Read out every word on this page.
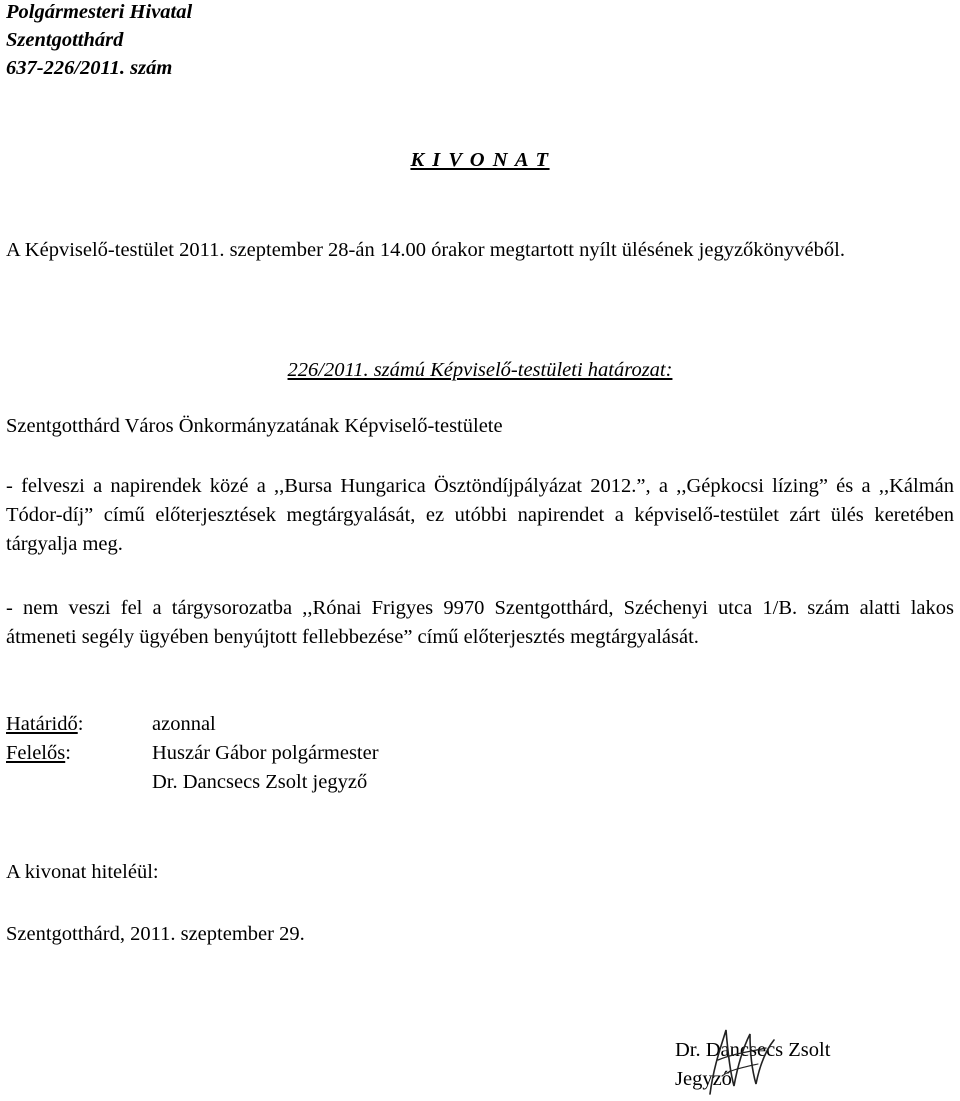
Polgármesteri Hivatal
Szentgotthárd
637-226/2011. szám
K I V O N A T
A Képviselő-testület 2011. szeptember 28-án 14.00 órakor megtartott nyílt ülésének jegyzőkönyvéből.
226/2011. számú Képviselő-testületi határozat:
Szentgotthárd Város Önkormányzatának Képviselő-testülete
- felveszi a napirendek közé a ,,Bursa Hungarica Ösztöndíjpályázat 2012.”, a ,,Gépkocsi lízing” és a ,,Kálmán Tódor-díj” című előterjesztések megtárgyalását, ez utóbbi napirendet a képviselő-testület zárt ülés keretében tárgyalja meg.
- nem veszi fel a tárgysorozatba ,,Rónai Frigyes 9970 Szentgotthárd, Széchenyi utca 1/B. szám alatti lakos átmeneti segély ügyében benyújtott fellebbezése” című előterjesztés megtárgyalását.
Határidő:	azonnal
Felelős:	Huszár Gábor polgármester
Dr. Dancsecs Zsolt jegyző
A kivonat hiteléül:
Szentgotthárd, 2011. szeptember 29.
Dr. Dancsecs Zsolt
Jegyző
